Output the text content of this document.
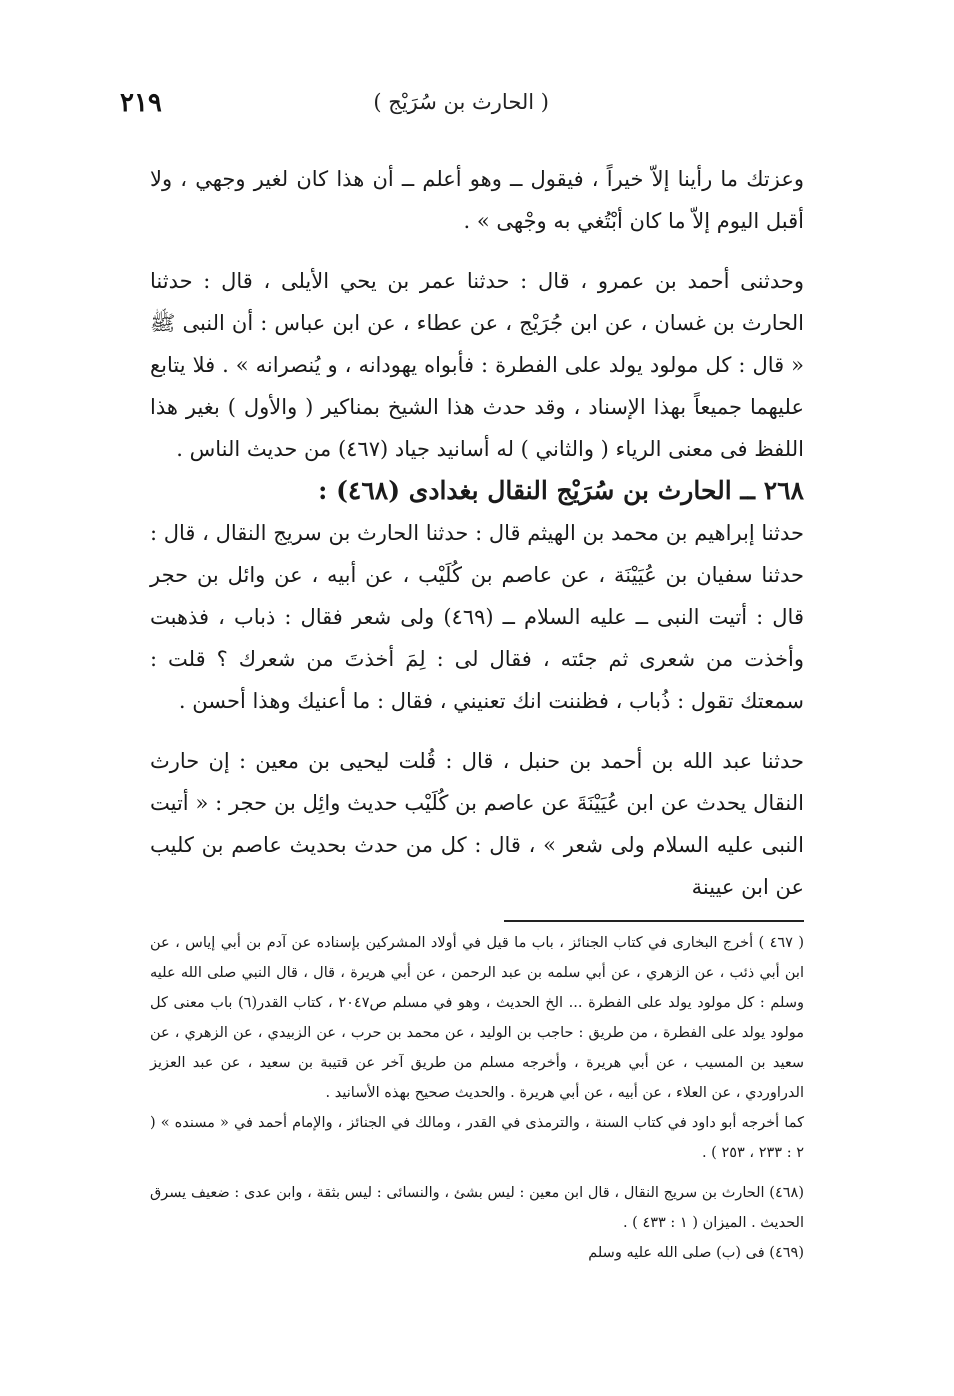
( الحارث بن سُرَيْج )
٢١٩

وعزتك ما رأينا إلاّ خيراً ، فيقول ــ وهو أعلم ــ أن هذا كان لغير وجهي ، ولا أقبل اليوم إلاّ ما كان أبْتُغي به وجْهى » .

وحدثنى أحمد بن عمرو ، قال : حدثنا عمر بن يحي الأيلى ، قال : حدثنا الحارث بن غسان ، عن ابن جُرَيْج ، عن عطاء ، عن ابن عباس : أن النبى ﷺ « قال : كل مولود يولد على الفطرة : فأبواه يهودانه ، و يُنصرانه » . فلا يتابع عليهما جميعاً بهذا الإسناد ، وقد حدث هذا الشيخ بمناكير ( والأول ) بغير هذا اللفظ فى معنى الرياء ( والثاني ) له أسانيد جياد (٤٦٧) من حديث الناس .

٢٦٨ ــ الحارث بن سُرَيْج النقال بغدادى (٤٦٨) :

حدثنا إبراهيم بن محمد بن الهيثم قال : حدثنا الحارث بن سريج النقال ، قال : حدثنا سفيان بن عُيَيْنَة ، عن عاصم بن كُلَيْب ، عن أبيه ، عن وائل بن حجر قال : أتيت النبى ــ عليه السلام ــ (٤٦٩) ولى شعر فقال : ذباب ، فذهبت وأخذت من شعرى ثم جئته ، فقال لى : لِمَ أخذتَ من شعرك ؟ قلت : سمعتك تقول : ذُباب ، فظننت انك تعنيني ، فقال : ما أعنيك وهذا أحسن .

حدثنا عبد الله بن أحمد بن حنبل ، قال : قُلت ليحيى بن معين : إن حارث النقال يحدث عن ابن عُيَيْنَةَ عن عاصم بن كُلَيْب حديث وائِل بن حجر : « أتيت النبى عليه السلام ولى شعر » ، قال : كل من حدث بحديث عاصم بن كليب عن ابن عيينة

( ٤٦٧ ) أخرج البخارى في كتاب الجنائز ، باب ما قيل في أولاد المشركين بإسناده عن آدم بن أبي إياس ، عن ابن أبي ذئب ، عن الزهري ، عن أبي سلمه بن عبد الرحمن ، عن أبي هريرة ، قال ، قال النبي صلى الله عليه وسلم : كل مولود يولد على الفطرة ... الخ الحديث ، وهو في مسلم ص٢٠٤٧ ، كتاب القدر(٦) باب معنى كل مولود يولد على الفطرة ، من طريق : حاجب بن الوليد ، عن محمد بن حرب ، عن الزبيدي ، عن الزهري ، عن سعيد بن المسيب ، عن أبي هريرة ، وأخرجه مسلم من طريق آخر عن قتيبة بن سعيد ، عن عبد العزيز الدراوردي ، عن العلاء ، عن أبيه ، عن أبي هريرة . والحديث صحيح بهذه الأسانيد .

كما أخرجه أبو داود في كتاب السنة ، والترمذى في القدر ، ومالك في الجنائز ، والإمام أحمد في « مسنده » ( ٢ : ٢٣٣ ، ٢٥٣ ) .

(٤٦٨) الحارث بن سريج النقال ، قال ابن معين : ليس بشئ ، والنسائى : ليس بثقة ، وابن عدى : ضعيف يسرق الحديث . الميزان ( ١ : ٤٣٣ ) .

(٤٦٩) فى (ب) صلى الله عليه وسلم
